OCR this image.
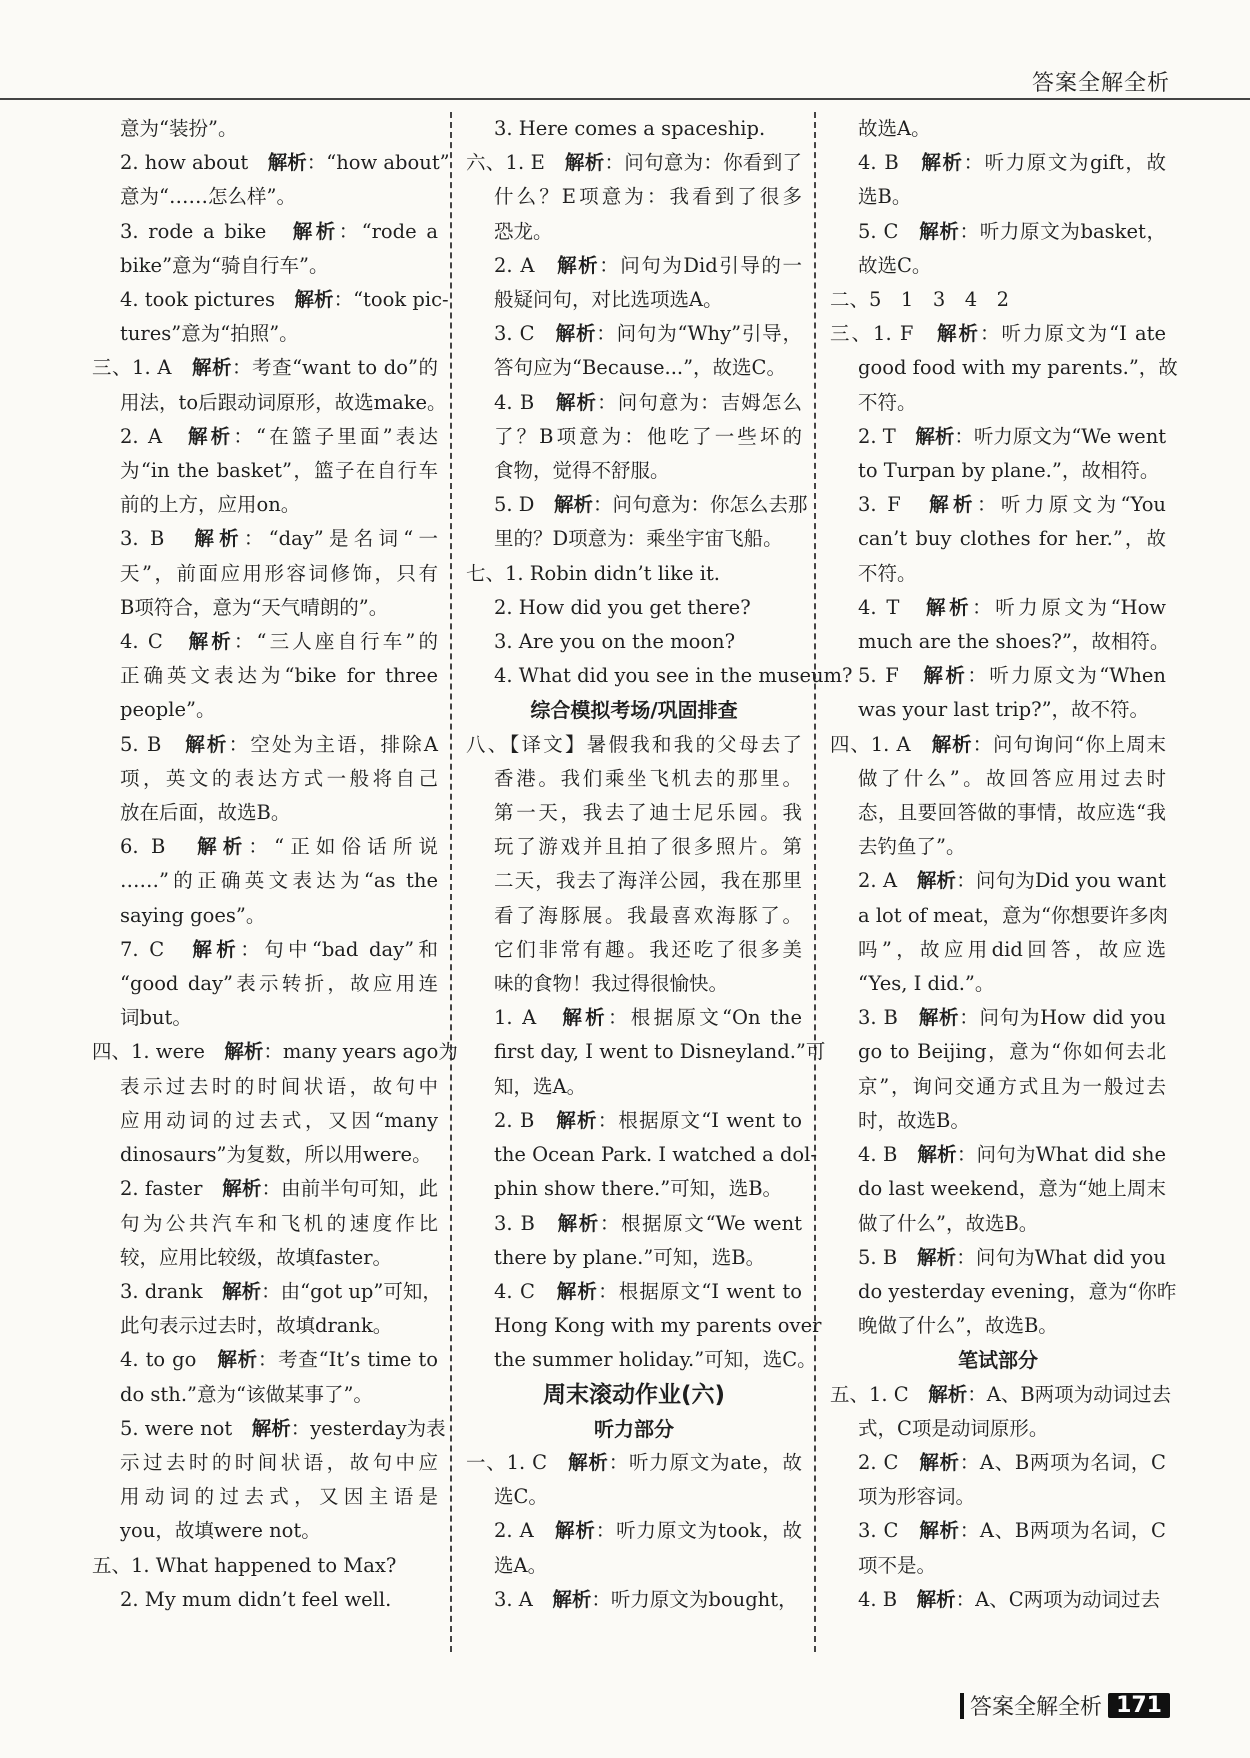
答案全解全析
意为“装扮”。
2. how about　解析：“how about”
意为“……怎么样”。
3. rode a bike　解析：“rode a
bike”意为“骑自行车”。
4. took pictures　解析：“took pic-
tures”意为“拍照”。
三、1. A　解析：考查“want to do”的
用法，to后跟动词原形，故选make。
2. A　解析：“在篮子里面”表达
为“in the basket”，篮子在自行车
前的上方，应用on。
3. B　解析：“day”是名词“一
天”，前面应用形容词修饰，只有
B项符合，意为“天气晴朗的”。
4. C　解析：“三人座自行车”的
正确英文表达为“bike for three
people”。
5. B　解析：空处为主语，排除A
项，英文的表达方式一般将自己
放在后面，故选B。
6. B　解析：“正如俗话所说
……”的正确英文表达为“as the
saying goes”。
7. C　解析：句中“bad day”和
“good day”表示转折，故应用连
词but。
四、1. were　解析：many years ago为
表示过去时的时间状语，故句中
应用动词的过去式，又因“many
dinosaurs”为复数，所以用were。
2. faster　解析：由前半句可知，此
句为公共汽车和飞机的速度作比
较，应用比较级，故填faster。
3. drank　解析：由“got up”可知，
此句表示过去时，故填drank。
4. to go　解析：考查“It’s time to
do sth.”意为“该做某事了”。
5. were not　解析：yesterday为表
示过去时的时间状语，故句中应
用动词的过去式，又因主语是
you，故填were not。
五、1. What happened to Max?
2. My mum didn’t feel well.
3. Here comes a spaceship.
六、1. E　解析：问句意为：你看到了
什么？E项意为：我看到了很多
恐龙。
2. A　解析：问句为Did引导的一
般疑问句，对比选项选A。
3. C　解析：问句为“Why”引导，
答句应为“Because...”，故选C。
4. B　解析：问句意为：吉姆怎么
了？B项意为：他吃了一些坏的
食物，觉得不舒服。
5. D　解析：问句意为：你怎么去那
里的？D项意为：乘坐宇宙飞船。
七、1. Robin didn’t like it.
2. How did you get there?
3. Are you on the moon?
4. What did you see in the museum?
综合模拟考场/巩固排查
八、【译文】暑假我和我的父母去了
香港。我们乘坐飞机去的那里。
第一天，我去了迪士尼乐园。我
玩了游戏并且拍了很多照片。第
二天，我去了海洋公园，我在那里
看了海豚展。我最喜欢海豚了。
它们非常有趣。我还吃了很多美
味的食物！我过得很愉快。
1. A　解析：根据原文“On the
first day, I went to Disneyland.”可
知，选A。
2. B　解析：根据原文“I went to
the Ocean Park. I watched a dol-
phin show there.”可知，选B。
3. B　解析：根据原文“We went
there by plane.”可知，选B。
4. C　解析：根据原文“I went to
Hong Kong with my parents over
the summer holiday.”可知，选C。
周末滚动作业(六)
听力部分
一、1. C　解析：听力原文为ate，故
选C。
2. A　解析：听力原文为took，故
选A。
3. A　解析：听力原文为bought，
故选A。
4. B　解析：听力原文为gift，故
选B。
5. C　解析：听力原文为basket，
故选C。
二、5　1　3　4　2
三、1. F　解析：听力原文为“I ate
good food with my parents.”，故
不符。
2. T　解析：听力原文为“We went
to Turpan by plane.”，故相符。
3. F　解析：听力原文为“You
can’t buy clothes for her.”，故
不符。
4. T　解析：听力原文为“How
much are the shoes?”，故相符。
5. F　解析：听力原文为“When
was your last trip?”，故不符。
四、1. A　解析：问句询问“你上周末
做了什么”。故回答应用过去时
态，且要回答做的事情，故应选“我
去钓鱼了”。
2. A　解析：问句为Did you want
a lot of meat，意为“你想要许多肉
吗”，故应用did回答，故应选
“Yes, I did.”。
3. B　解析：问句为How did you
go to Beijing，意为“你如何去北
京”，询问交通方式且为一般过去
时，故选B。
4. B　解析：问句为What did she
do last weekend，意为“她上周末
做了什么”，故选B。
5. B　解析：问句为What did you
do yesterday evening，意为“你昨
晚做了什么”，故选B。
笔试部分
五、1. C　解析：A、B两项为动词过去
式，C项是动词原形。
2. C　解析：A、B两项为名词，C
项为形容词。
3. C　解析：A、B两项为名词，C
项不是。
4. B　解析：A、C两项为动词过去
答案全解全析 171
